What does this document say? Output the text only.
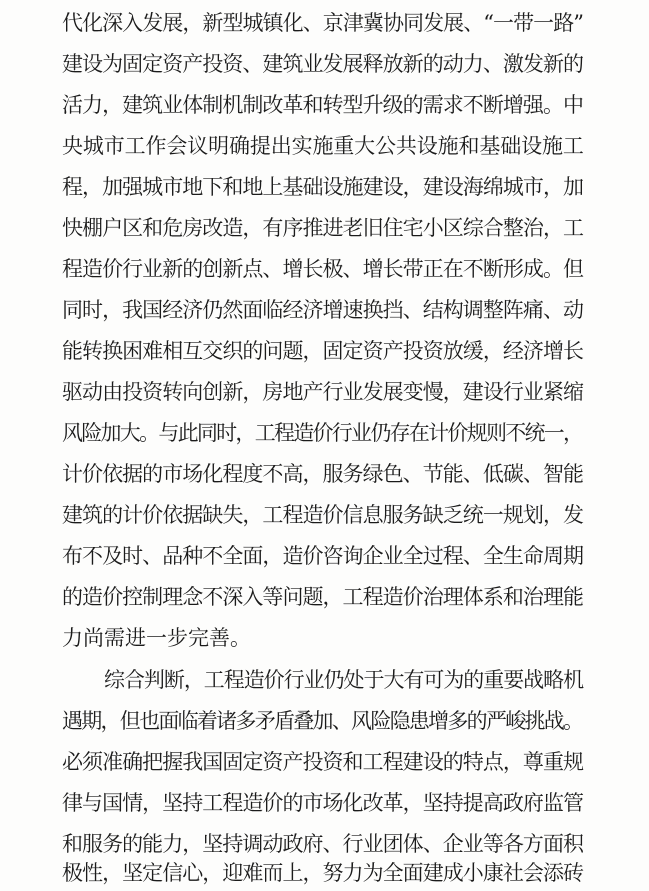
代化深入发展，新型城镇化、京津冀协同发展、“一带一路”
建设为固定资产投资、建筑业发展释放新的动力、激发新的
活力，建筑业体制机制改革和转型升级的需求不断增强。中
央城市工作会议明确提出实施重大公共设施和基础设施工
程，加强城市地下和地上基础设施建设，建设海绵城市，加
快棚户区和危房改造，有序推进老旧住宅小区综合整治，工
程造价行业新的创新点、增长极、增长带正在不断形成。但
同时，我国经济仍然面临经济增速换挡、结构调整阵痛、动
能转换困难相互交织的问题，固定资产投资放缓，经济增长
驱动由投资转向创新，房地产行业发展变慢，建设行业紧缩
风险加大。与此同时，工程造价行业仍存在计价规则不统一，
计价依据的市场化程度不高，服务绿色、节能、低碳、智能
建筑的计价依据缺失，工程造价信息服务缺乏统一规划，发
布不及时、品种不全面，造价咨询企业全过程、全生命周期
的造价控制理念不深入等问题，工程造价治理体系和治理能
力尚需进一步完善。
综合判断，工程造价行业仍处于大有可为的重要战略机
遇期，但也面临着诸多矛盾叠加、风险隐患增多的严峻挑战。
必须准确把握我国固定资产投资和工程建设的特点，尊重规
律与国情，坚持工程造价的市场化改革，坚持提高政府监管
和服务的能力，坚持调动政府、行业团体、企业等各方面积
极性，坚定信心，迎难而上，努力为全面建成小康社会添砖
